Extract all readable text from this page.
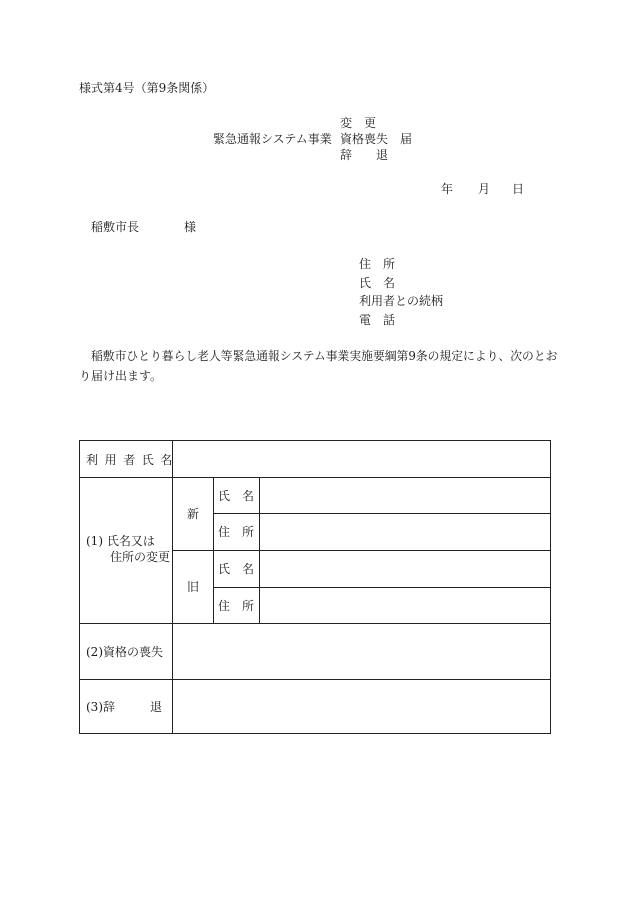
様式第4号（第9条関係）
変　更
緊急通報システム事業 資格喪失　届
辞　　退
年 月 日
稲敷市長	様
住　所
氏　名
利用者との続柄
電　話
稲敷市ひとり暮らし老人等緊急通報システム事業実施要綱第9条の規定により、次のとお
り届け出ます。
利用者氏名
(1) 氏名又は
住所の変更
新
旧
氏　名
住　所
氏　名
住　所
(2)資格の喪失
(3)辞	退
